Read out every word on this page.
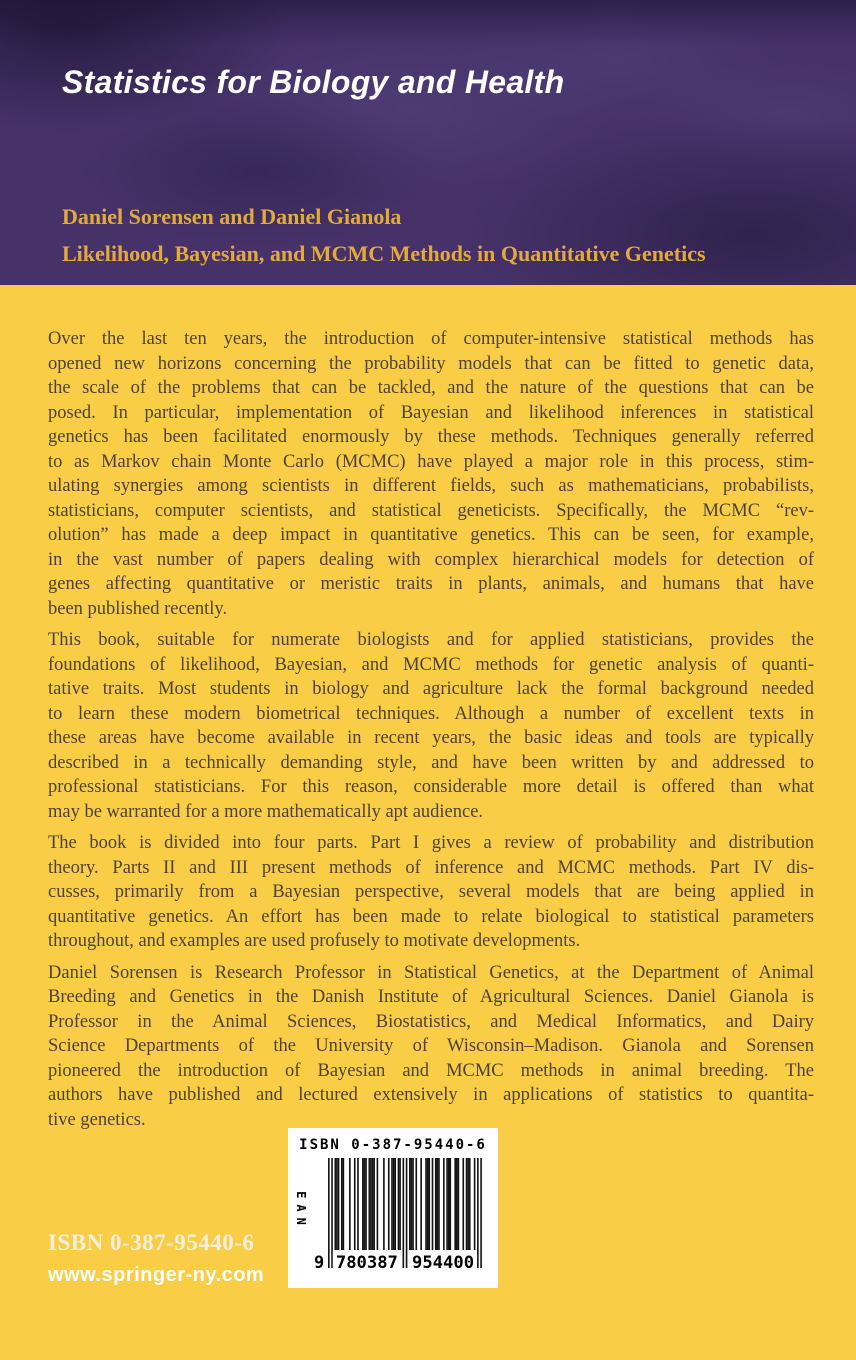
Statistics for Biology and Health
Daniel Sorensen and Daniel Gianola
Likelihood, Bayesian, and MCMC Methods in Quantitative Genetics
Over the last ten years, the introduction of computer-intensive statistical methods has
opened new horizons concerning the probability models that can be fitted to genetic data,
the scale of the problems that can be tackled, and the nature of the questions that can be
posed. In particular, implementation of Bayesian and likelihood inferences in statistical
genetics has been facilitated enormously by these methods. Techniques generally referred
to as Markov chain Monte Carlo (MCMC) have played a major role in this process, stim-
ulating synergies among scientists in different fields, such as mathematicians, probabilists,
statisticians, computer scientists, and statistical geneticists. Specifically, the MCMC “rev-
olution” has made a deep impact in quantitative genetics. This can be seen, for example,
in the vast number of papers dealing with complex hierarchical models for detection of
genes affecting quantitative or meristic traits in plants, animals, and humans that have
been published recently.
This book, suitable for numerate biologists and for applied statisticians, provides the
foundations of likelihood, Bayesian, and MCMC methods for genetic analysis of quanti-
tative traits. Most students in biology and agriculture lack the formal background needed
to learn these modern biometrical techniques. Although a number of excellent texts in
these areas have become available in recent years, the basic ideas and tools are typically
described in a technically demanding style, and have been written by and addressed to
professional statisticians. For this reason, considerable more detail is offered than what
may be warranted for a more mathematically apt audience.
The book is divided into four parts. Part I gives a review of probability and distribution
theory. Parts II and III present methods of inference and MCMC methods. Part IV dis-
cusses, primarily from a Bayesian perspective, several models that are being applied in
quantitative genetics. An effort has been made to relate biological to statistical parameters
throughout, and examples are used profusely to motivate developments.
Daniel Sorensen is Research Professor in Statistical Genetics, at the Department of Animal
Breeding and Genetics in the Danish Institute of Agricultural Sciences. Daniel Gianola is
Professor in the Animal Sciences, Biostatistics, and Medical Informatics, and Dairy
Science Departments of the University of Wisconsin–Madison. Gianola and Sorensen
pioneered the introduction of Bayesian and MCMC methods in animal breeding. The
authors have published and lectured extensively in applications of statistics to quantita-
tive genetics.
ISBN 0-387-95440-6
EAN
9 780387 954400
ISBN 0-387-95440-6
www.springer-ny.com
